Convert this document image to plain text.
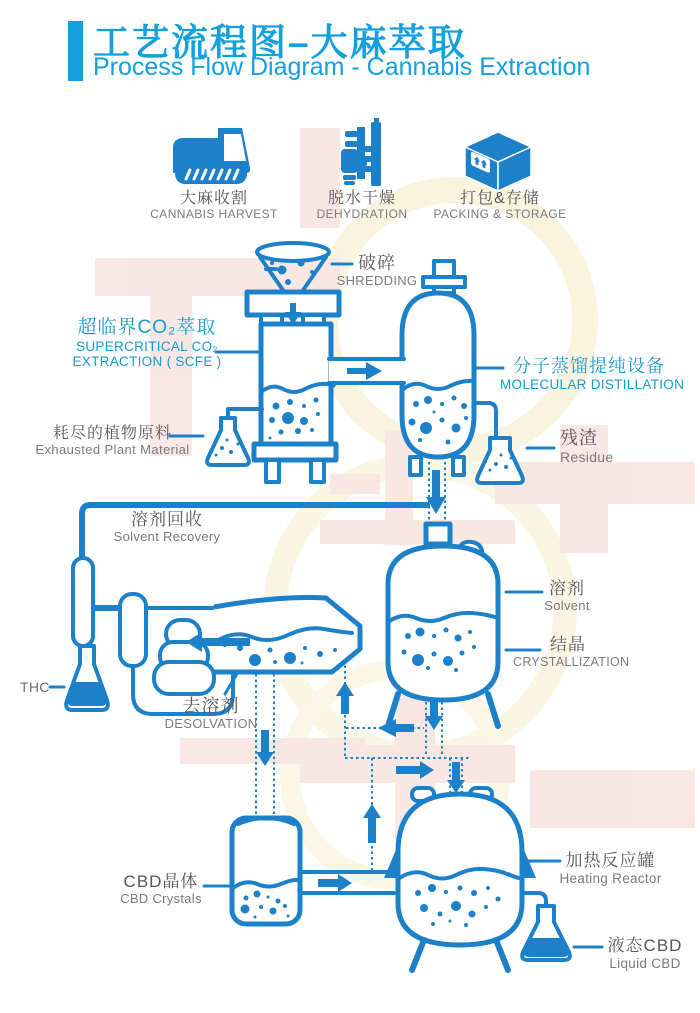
工艺流程图–大麻萃取
Process Flow Diagram - Cannabis Extraction
大麻收割
CANNABIS HARVEST
脱水干燥
DEHYDRATION
打包&存储
PACKING & STORAGE
破碎
SHREDDING
超临界CO₂萃取
SUPERCRITICAL CO₂
EXTRACTION ( SCFE )	分子蒸馏提纯设备
MOLECULAR DISTILLATION
耗尽的植物原料
Exhausted Plant Material
残渣
Residue
溶剂回收
Solvent Recovery
溶剂
Solvent
结晶
CRYSTALLIZATION
THC
去溶剂
DESOLVATION
CBD晶体
CBD Crystals
加热反应罐
Heating Reactor
液态CBD
Liquid CBD
